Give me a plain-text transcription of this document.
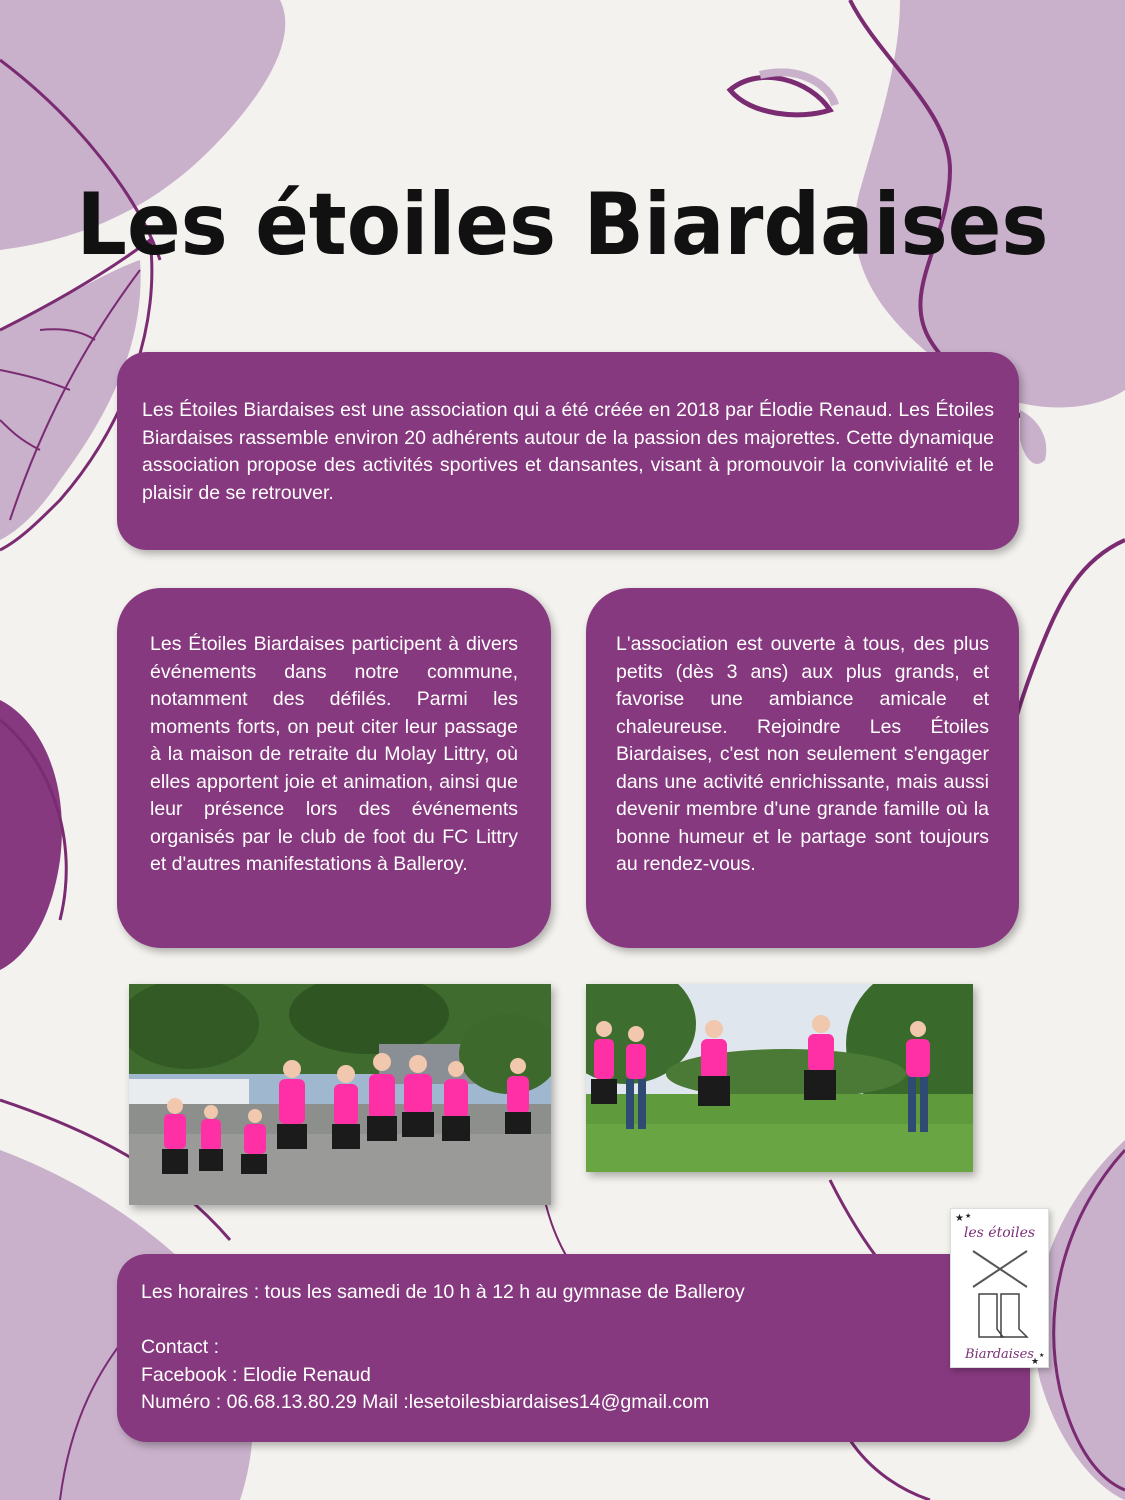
Les étoiles Biardaises

Les Étoiles Biardaises est une association qui a été créée en 2018 par Élodie Renaud. Les Étoiles Biardaises rassemble environ 20 adhérents autour de la passion des majorettes. Cette dynamique association propose des activités sportives et dansantes, visant à promouvoir la convivialité et le plaisir de se retrouver.

Les Étoiles Biardaises participent à divers événements dans notre commune, notamment des défilés. Parmi les moments forts, on peut citer leur passage à la maison de retraite du Molay Littry, où elles apportent joie et animation, ainsi que leur présence lors des événements organisés par le club de foot du FC Littry et d'autres manifestations à Balleroy.

L'association est ouverte à tous, des plus petits (dès 3 ans) aux plus grands, et favorise une ambiance amicale et chaleureuse. Rejoindre Les Étoiles Biardaises, c'est non seulement s'engager dans une activité enrichissante, mais aussi devenir membre d'une grande famille où la bonne humeur et le partage sont toujours au rendez-vous.

Les horaires : tous les samedi de 10 h à 12 h au gymnase de Balleroy
Contact :
Facebook : Elodie Renaud
Numéro : 06.68.13.80.29 Mail :lesetoilesbiardaises14@gmail.com
les étoiles
★ ★
★ ★
Biardaises
